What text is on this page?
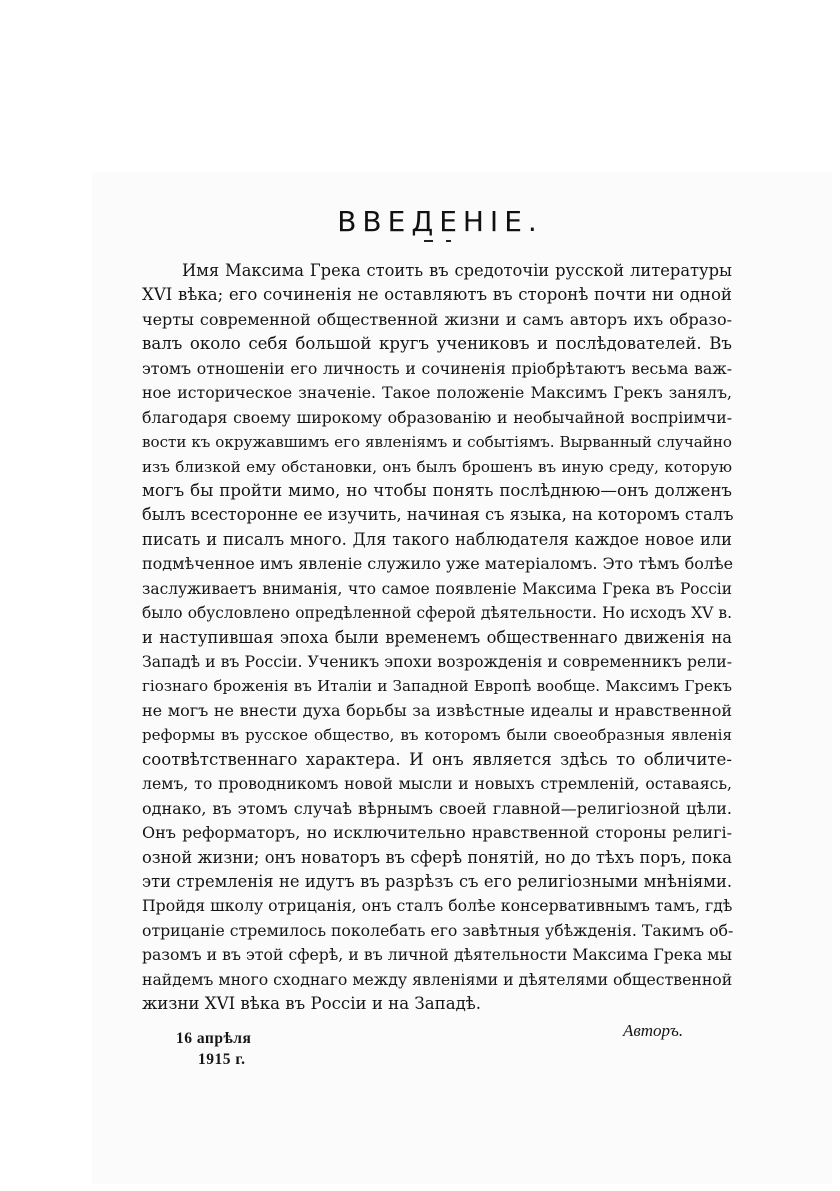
ВВЕДЕНІЕ.

Имя Максима Грека стоить въ средоточіи русской литературы
XVI вѣка; его сочиненія не оставляютъ въ сторонѣ почти ни одной
черты современной общественной жизни и самъ авторъ ихъ образо-
валъ около себя большой кругъ учениковъ и послѣдователей. Въ
этомъ отношеніи его личность и сочиненія пріобрѣтаютъ весьма важ-
ное историческое значеніе. Такое положеніе Максимъ Грекъ занялъ,
благодаря своему широкому образованію и необычайной воспріимчи-
вости къ окружавшимъ его явленіямъ и событіямъ. Вырванный случайно
изъ близкой ему обстановки, онъ былъ брошенъ въ иную среду, которую
могъ бы пройти мимо, но чтобы понять послѣднюю—онъ долженъ
былъ всесторонне ее изучить, начиная съ языка, на которомъ сталъ
писать и писалъ много. Для такого наблюдателя каждое новое или
подмѣченное имъ явленіе служило уже матеріаломъ. Это тѣмъ болѣе
заслуживаетъ вниманія, что самое появленіе Максима Грека въ Россіи
было обусловлено опредѣленной сферой дѣятельности. Но исходъ XV в.
и наступившая эпоха были временемъ общественнаго движенія на
Западѣ и въ Россіи. Ученикъ эпохи возрожденія и современникъ рели-
гіознаго броженія въ Италіи и Западной Европѣ вообще. Максимъ Грекъ
не могъ не внести духа борьбы за извѣстные идеалы и нравственной
реформы въ русское общество, въ которомъ были своеобразныя явленія
соотвѣтственнаго характера. И онъ является здѣсь то обличите-
лемъ, то проводникомъ новой мысли и новыхъ стремленій, оставаясь,
однако, въ этомъ случаѣ вѣрнымъ своей главной—религіозной цѣли.
Онъ реформаторъ, но исключительно нравственной стороны религі-
озной жизни; онъ новаторъ въ сферѣ понятій, но до тѣхъ поръ, пока
эти стремленія не идутъ въ разрѣзъ съ его религіозными мнѣніями.
Пройдя школу отрицанія, онъ сталъ болѣе консервативнымъ тамъ, гдѣ
отрицаніе стремилось поколебать его завѣтныя убѣжденія. Такимъ об-
разомъ и въ этой сферѣ, и въ личной дѣятельности Максима Грека мы
найдемъ много сходнаго между явленіями и дѣятелями общественной
жизни XVI вѣка въ Россіи и на Западѣ.

16 апрѣля
1915 г.
Авторъ.
